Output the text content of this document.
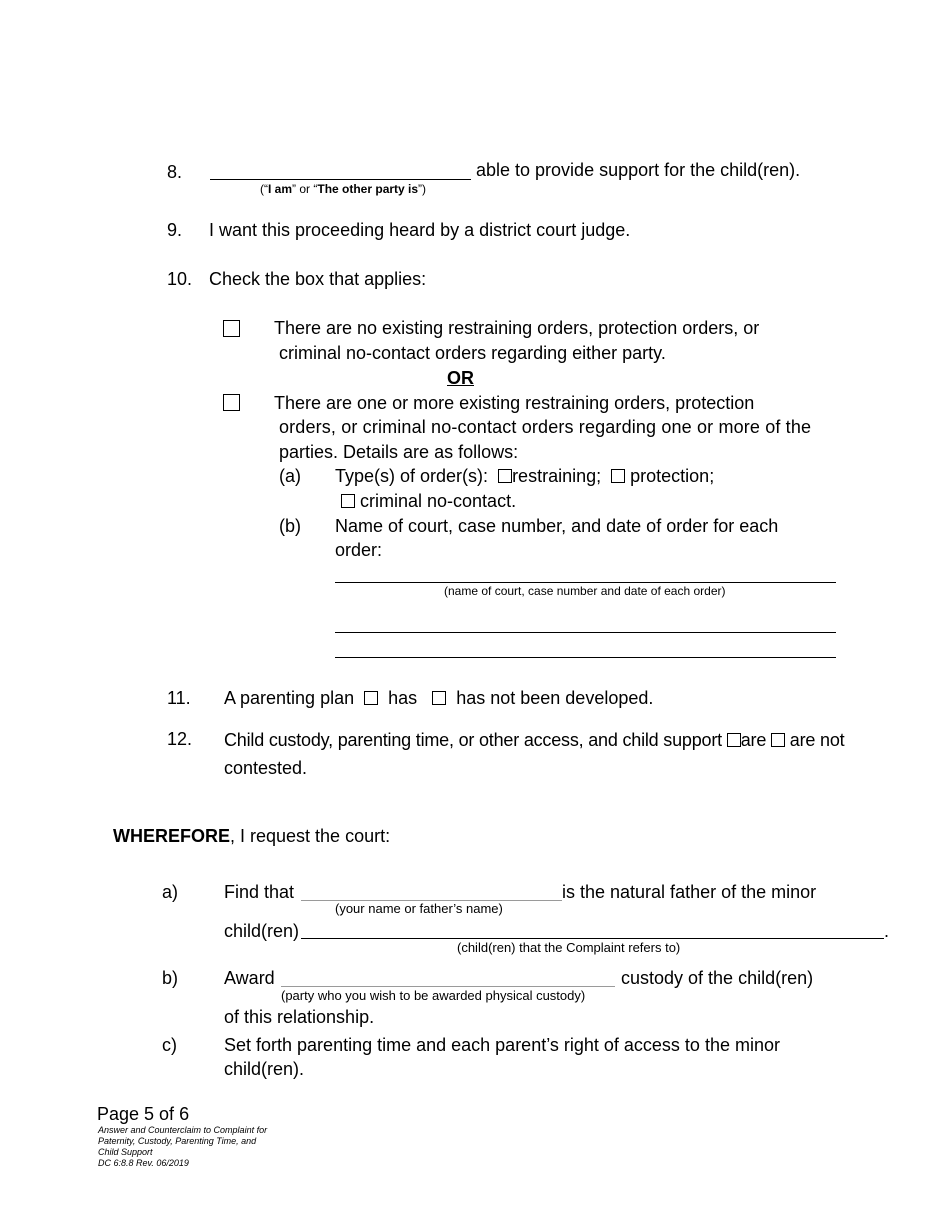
8.	able to provide support for the child(ren).
(“I am” or “The other party is”)
9. I want this proceeding heard by a district court judge.
10. Check the box that applies:
There are no existing restraining orders, protection orders, or
criminal no-contact orders regarding either party.
OR
There are one or more existing restraining orders, protection
orders, or criminal no-contact orders regarding one or more of the
parties. Details are as follows:
(a) Type(s) of order(s): restraining; protection;
criminal no-contact.
(b) Name of court, case number, and date of order for each
order:
(name of court, case number and date of each order)
11. A parenting plan has has not been developed.
12. Child custody, parenting time, or other access, and child support are are not
contested.
WHEREFORE, I request the court:
a)	Find that	is the natural father of the minor
(your name or father’s name)
child(ren)	.
(child(ren) that the Complaint refers to)
b)	Award	custody of the child(ren)
(party who you wish to be awarded physical custody)
of this relationship.
c)	Set forth parenting time and each parent’s right of access to the minor
child(ren).
Page 5 of 6
Answer and Counterclaim to Complaint for
Paternity, Custody, Parenting Time, and
Child Support
DC 6:8.8 Rev. 06/2019
